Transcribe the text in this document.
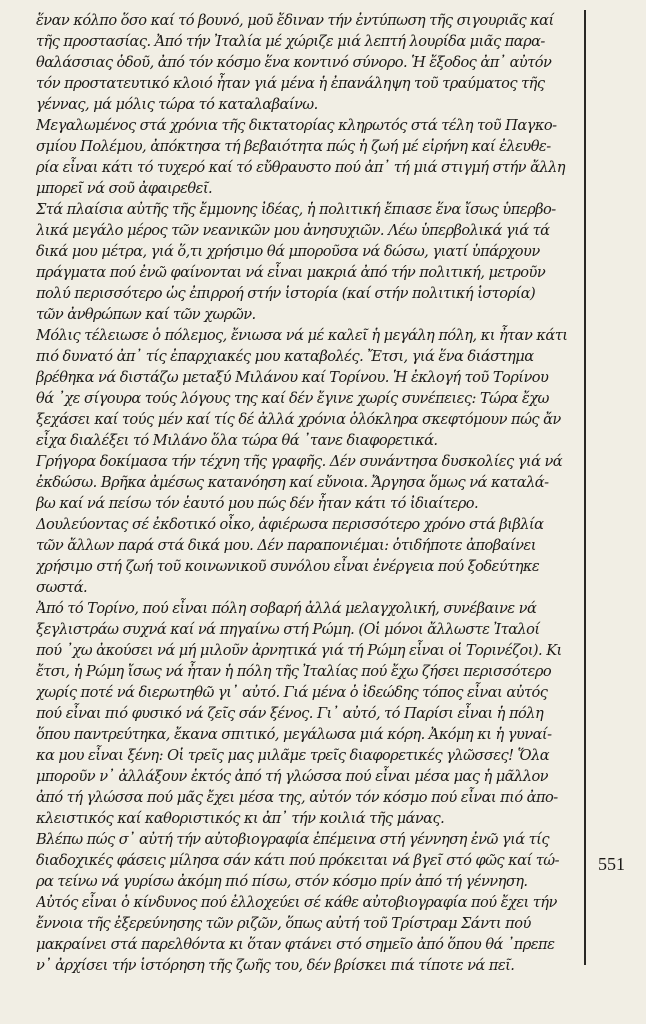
ἕναν κόλπο ὅσο καί τό βουνό, μοῦ ἔδιναν τήν ἐντύπωση τῆς σιγουριᾶς καί
τῆς προστασίας. Ἀπό τήν Ἰταλία μέ χώριζε μιά λεπτή λουρίδα μιᾶς παρα-
θαλάσσιας ὁδοῦ, ἀπό τόν κόσμο ἕνα κοντινό σύνορο. Ἡ ἔξοδος ἀπ᾽ αὐτόν
τόν προστατευτικό κλοιό ἦταν γιά μένα ἡ ἐπανάληψη τοῦ τραύματος τῆς
γέννας, μά μόλις τώρα τό καταλαβαίνω.
Μεγαλωμένος στά χρόνια τῆς δικτατορίας κληρωτός στά τέλη τοῦ Παγκο-
σμίου Πολέμου, ἀπόκτησα τή βεβαιότητα πώς ἡ ζωή μέ εἰρήνη καί ἐλευθε-
ρία εἶναι κάτι τό τυχερό καί τό εὔθραυστο πού ἀπ᾽ τή μιά στιγμή στήν ἄλλη
μπορεῖ νά σοῦ ἀφαιρεθεῖ.
Στά πλαίσια αὐτῆς τῆς ἔμμονης ἰδέας, ἡ πολιτική ἔπιασε ἕνα ἴσως ὑπερβο-
λικά μεγάλο μέρος τῶν νεανικῶν μου ἀνησυχιῶν. Λέω ὑπερβολικά γιά τά
δικά μου μέτρα, γιά ὅ,τι χρήσιμο θά μποροῦσα νά δώσω, γιατί ὑπάρχουν
πράγματα πού ἐνῶ φαίνονται νά εἶναι μακριά ἀπό τήν πολιτική, μετροῦν
πολύ περισσότερο ὡς ἐπιρροή στήν ἱστορία (καί στήν πολιτική ἱστορία)
τῶν ἀνθρώπων καί τῶν χωρῶν.
Μόλις τέλειωσε ὁ πόλεμος, ἔνιωσα νά μέ καλεῖ ἡ μεγάλη πόλη, κι ἦταν κάτι
πιό δυνατό ἀπ᾽ τίς ἐπαρχιακές μου καταβολές. Ἔτσι, γιά ἕνα διάστημα
βρέθηκα νά διστάζω μεταξύ Μιλάνου καί Τορίνου. Ἡ ἐκλογή τοῦ Τορίνου
θά ᾽χε σίγουρα τούς λόγους της καί δέν ἔγινε χωρίς συνέπειες: Τώρα ἔχω
ξεχάσει καί τούς μέν καί τίς δέ ἀλλά χρόνια ὁλόκληρα σκεφτόμουν πώς ἄν
εἶχα διαλέξει τό Μιλάνο ὅλα τώρα θά ᾽τανε διαφορετικά.
Γρήγορα δοκίμασα τήν τέχνη τῆς γραφῆς. Δέν συνάντησα δυσκολίες γιά νά
ἐκδώσω. Βρῆκα ἀμέσως κατανόηση καί εὔνοια. Ἄργησα ὅμως νά καταλά-
βω καί νά πείσω τόν ἑαυτό μου πώς δέν ἦταν κάτι τό ἰδιαίτερο.
Δουλεύοντας σέ ἐκδοτικό οἶκο, ἀφιέρωσα περισσότερο χρόνο στά βιβλία
τῶν ἄλλων παρά στά δικά μου. Δέν παραπονιέμαι: ὁτιδήποτε ἀποβαίνει
χρήσιμο στή ζωή τοῦ κοινωνικοῦ συνόλου εἶναι ἐνέργεια πού ξοδεύτηκε
σωστά.
Ἀπό τό Τορίνο, πού εἶναι πόλη σοβαρή ἀλλά μελαγχολική, συνέβαινε νά
ξεγλιστράω συχνά καί νά πηγαίνω στή Ρώμη. (Οἱ μόνοι ἄλλωστε Ἰταλοί
πού ᾽χω ἀκούσει νά μή μιλοῦν ἀρνητικά γιά τή Ρώμη εἶναι οἱ Τορινέζοι). Κι
ἔτσι, ἡ Ρώμη ἴσως νά ἦταν ἡ πόλη τῆς Ἰταλίας πού ἔχω ζήσει περισσότερο
χωρίς ποτέ νά διερωτηθῶ γι᾽ αὐτό. Γιά μένα ὁ ἰδεώδης τόπος εἶναι αὐτός
πού εἶναι πιό φυσικό νά ζεῖς σάν ξένος. Γι᾽ αὐτό, τό Παρίσι εἶναι ἡ πόλη
ὅπου παντρεύτηκα, ἔκανα σπιτικό, μεγάλωσα μιά κόρη. Ἀκόμη κι ἡ γυναί-
κα μου εἶναι ξένη: Οἱ τρεῖς μας μιλᾶμε τρεῖς διαφορετικές γλῶσσες! Ὅλα
μποροῦν ν᾽ ἀλλάξουν ἐκτός ἀπό τή γλώσσα πού εἶναι μέσα μας ἡ μᾶλλον
ἀπό τή γλώσσα πού μᾶς ἔχει μέσα της, αὐτόν τόν κόσμο πού εἶναι πιό ἀπο-
κλειστικός καί καθοριστικός κι ἀπ᾽ τήν κοιλιά τῆς μάνας.
Βλέπω πώς σ᾽ αὐτή τήν αὐτοβιογραφία ἐπέμεινα στή γέννηση ἐνῶ γιά τίς
διαδοχικές φάσεις μίλησα σάν κάτι πού πρόκειται νά βγεῖ στό φῶς καί τώ-
ρα τείνω νά γυρίσω ἀκόμη πιό πίσω, στόν κόσμο πρίν ἀπό τή γέννηση.
Αὐτός εἶναι ὁ κίνδυνος πού ἐλλοχεύει σέ κάθε αὐτοβιογραφία πού ἔχει τήν
ἔννοια τῆς ἐξερεύνησης τῶν ριζῶν, ὅπως αὐτή τοῦ Τρίστραμ Σάντι πού
μακραίνει στά παρελθόντα κι ὅταν φτάνει στό σημεῖο ἀπό ὅπου θά ᾽πρεπε
ν᾽ ἀρχίσει τήν ἱστόρηση τῆς ζωῆς του, δέν βρίσκει πιά τίποτε νά πεῖ.
551
